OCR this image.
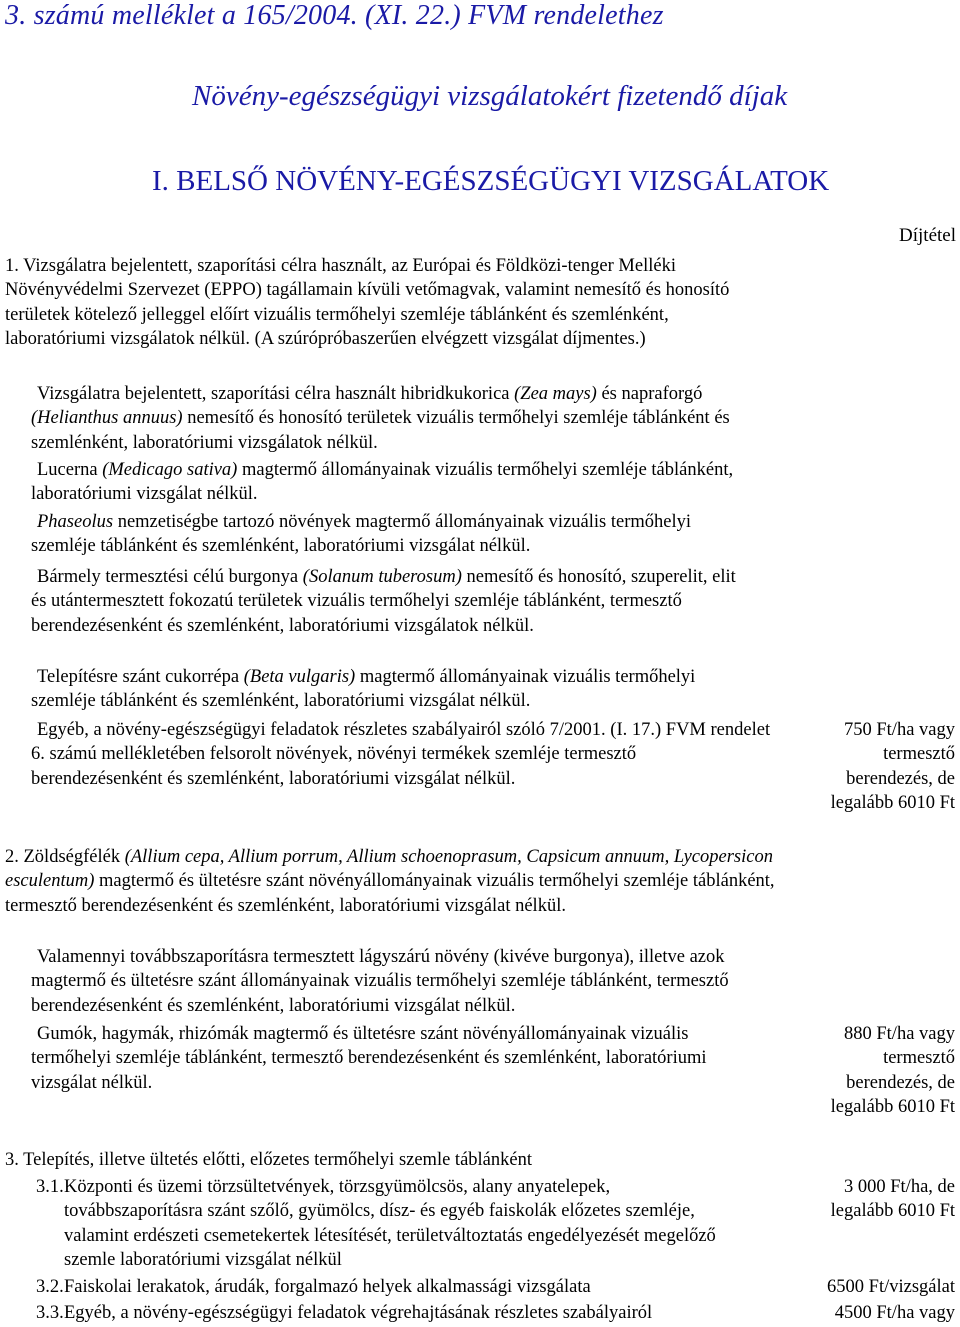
3. számú melléklet a 165/2004. (XI. 22.) FVM rendelethez
Növény-egészségügyi vizsgálatokért fizetendő díjak
I. BELSŐ NÖVÉNY-EGÉSZSÉGÜGYI VIZSGÁLATOK
Díjtétel
1. Vizsgálatra bejelentett, szaporítási célra használt, az Európai és Földközi-tenger Melléki Növényvédelmi Szervezet (EPPO) tagállamain kívüli vetőmagvak, valamint nemesítő és honosító területek kötelező jelleggel előírt vizuális termőhelyi szemléje táblánként és szemlénként, laboratóriumi vizsgálatok nélkül. (A szúrópróbaszerűen elvégzett vizsgálat díjmentes.)
Vizsgálatra bejelentett, szaporítási célra használt hibridkukorica (Zea mays) és napraforgó (Helianthus annuus) nemesítő és honosító területek vizuális termőhelyi szemléje táblánként és szemlénként, laboratóriumi vizsgálatok nélkül.
Lucerna (Medicago sativa) magtermő állományainak vizuális termőhelyi szemléje táblánként, laboratóriumi vizsgálat nélkül.
Phaseolus nemzetiségbe tartozó növények magtermő állományainak vizuális termőhelyi szemléje táblánként és szemlénként, laboratóriumi vizsgálat nélkül.
Bármely termesztési célú burgonya (Solanum tuberosum) nemesítő és honosító, szuperelit, elit és utántermesztett fokozatú területek vizuális termőhelyi szemléje táblánként, termesztő berendezésenként és szemlénként, laboratóriumi vizsgálatok nélkül.
Telepítésre szánt cukorrépa (Beta vulgaris) magtermő állományainak vizuális termőhelyi szemléje táblánként és szemlénként, laboratóriumi vizsgálat nélkül.
Egyéb, a növény-egészségügyi feladatok részletes szabályairól szóló 7/2001. (I. 17.) FVM rendelet 6. számú mellékletében felsorolt növények, növényi termékek szemléje termesztő berendezésenként és szemlénként, laboratóriumi vizsgálat nélkül.
750 Ft/ha vagy
termesztő
berendezés, de
legalább 6010 Ft
2. Zöldségfélék (Allium cepa, Allium porrum, Allium schoenoprasum, Capsicum annuum, Lycopersicon esculentum) magtermő és ültetésre szánt növényállományainak vizuális termőhelyi szemléje táblánként, termesztő berendezésenként és szemlénként, laboratóriumi vizsgálat nélkül.
Valamennyi továbbszaporításra termesztett lágyszárú növény (kivéve burgonya), illetve azok magtermő és ültetésre szánt állományainak vizuális termőhelyi szemléje táblánként, termesztő berendezésenként és szemlénként, laboratóriumi vizsgálat nélkül.
Gumók, hagymák, rhizómák magtermő és ültetésre szánt növényállományainak vizuális termőhelyi szemléje táblánként, termesztő berendezésenként és szemlénként, laboratóriumi vizsgálat nélkül.
880 Ft/ha vagy
termesztő
berendezés, de
legalább 6010 Ft
3. Telepítés, illetve ültetés előtti, előzetes termőhelyi szemle táblánként
3.1. Központi és üzemi törzsültetvények, törzsgyümölcsös, alany anyatelepek, továbbszaporításra szánt szőlő, gyümölcs, dísz- és egyéb faiskolák előzetes szemléje, valamint erdészeti csemetekertek létesítését, területváltoztatás engedélyezését megelőző szemle laboratóriumi vizsgálat nélkül
3 000 Ft/ha, de
legalább 6010 Ft
3.2. Faiskolai lerakatok, árudák, forgalmazó helyek alkalmassági vizsgálata	6500 Ft/vizsgálat
3.3. Egyéb, a növény-egészségügyi feladatok végrehajtásának részletes szabályairól	4500 Ft/ha vagy
